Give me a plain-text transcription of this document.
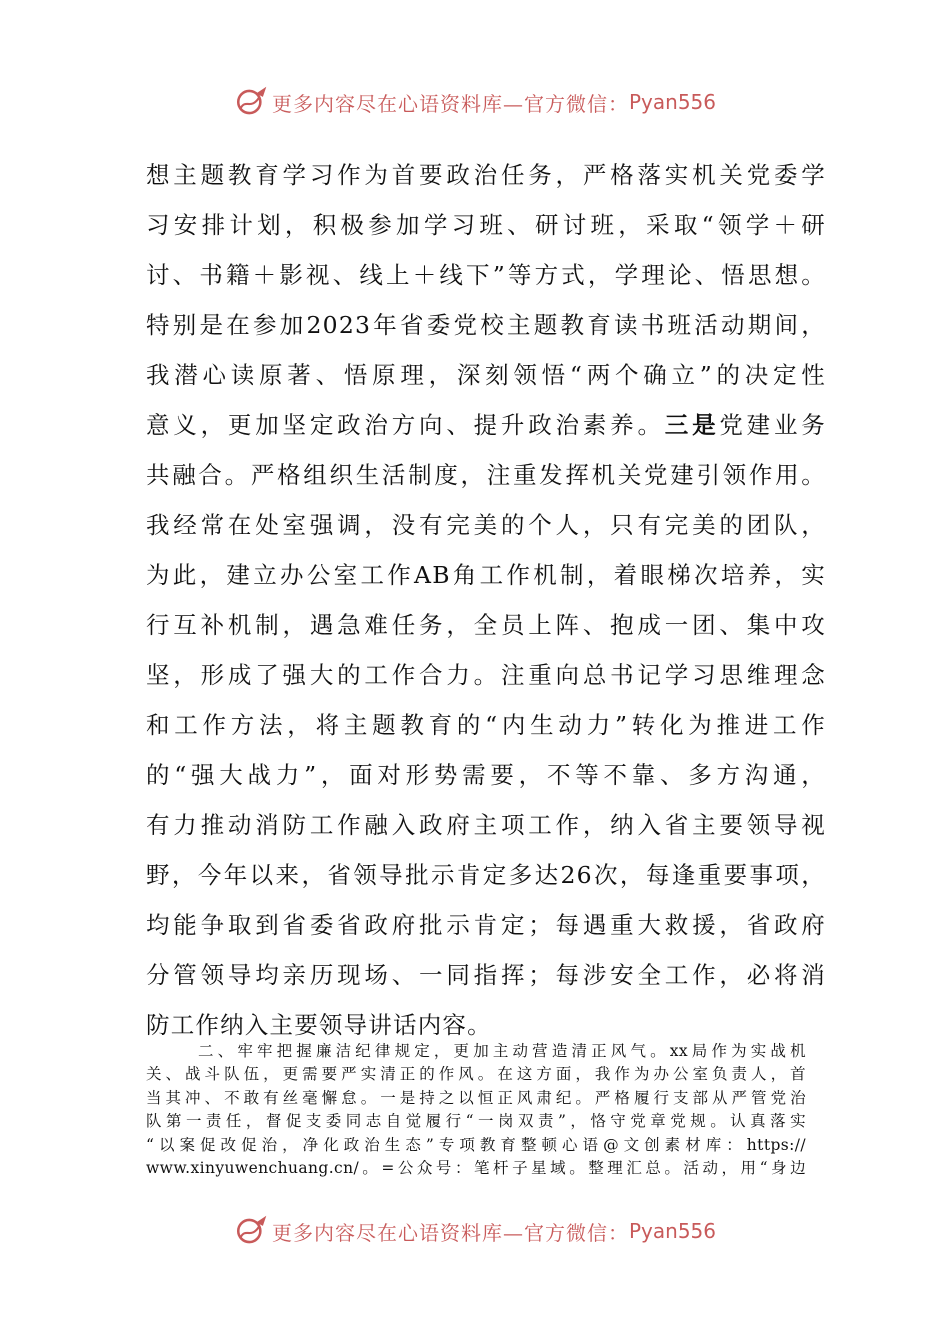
更多内容尽在心语资料库—官方微信： Pyan556

想主题教育学习作为首要政治任务，严格落实机关党委学

习安排计划，积极参加学习班、研讨班，采取“领学＋研

讨、书籍＋影视、线上＋线下”等方式，学理论、悟思想。

特别是在参加2023年省委党校主题教育读书班活动期间，

我潜心读原著、悟原理，深刻领悟“两个确立”的决定性

意义，更加坚定政治方向、提升政治素养。三是党建业务

共融合。严格组织生活制度，注重发挥机关党建引领作用。

我经常在处室强调，没有完美的个人，只有完美的团队，

为此，建立办公室工作AB角工作机制，着眼梯次培养，实

行互补机制，遇急难任务，全员上阵、抱成一团、集中攻

坚，形成了强大的工作合力。注重向总书记学习思维理念

和工作方法，将主题教育的“内生动力”转化为推进工作

的“强大战力”，面对形势需要，不等不靠、多方沟通，

有力推动消防工作融入政府主项工作，纳入省主要领导视

野，今年以来，省领导批示肯定多达26次，每逢重要事项，

均能争取到省委省政府批示肯定；每遇重大救援，省政府

分管领导均亲历现场、一同指挥；每涉安全工作，必将消

防工作纳入主要领导讲话内容。

二、牢牢把握廉洁纪律规定，更加主动营造清正风气。xx局作为实战机

关、战斗队伍，更需要严实清正的作风。在这方面，我作为办公室负责人，首

当其冲、不敢有丝毫懈怠。一是持之以恒正风肃纪。严格履行支部从严管党治

队第一责任，督促支委同志自觉履行“一岗双责”，恪守党章党规。认真落实

“以案促改促治，净化政治生态”专项教育整顿心语@文创素材库：https://

www.xinyuwenchuang.cn/。=公众号：笔杆子星域。整理汇总。活动，用“身边

更多内容尽在心语资料库—官方微信： Pyan556
